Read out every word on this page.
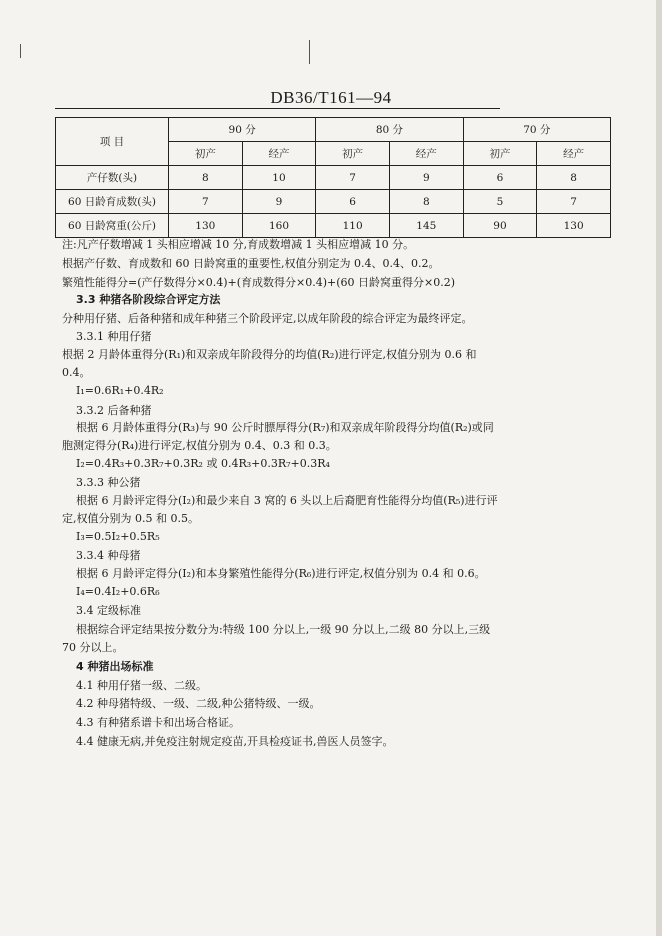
DB36/T161—94
项 目	90 分		80 分		70 分	
	初产	经产	初产	经产	初产	经产
产仔数(头)	8	10	7	9	6	8
60 日龄育成数(头)	7	9	6	8	5	7
60 日龄窝重(公斤)	130	160	110	145	90	130
注:凡产仔数增减 1 头相应增减 10 分,育成数增减 1 头相应增减 10 分。
根据产仔数、育成数和 60 日龄窝重的重要性,权值分别定为 0.4、0.4、0.2。
繁殖性能得分=(产仔数得分×0.4)+(育成数得分×0.4)+(60 日龄窝重得分×0.2)
3.3 种猪各阶段综合评定方法
分种用仔猪、后备种猪和成年种猪三个阶段评定,以成年阶段的综合评定为最终评定。
3.3.1 种用仔猪
根据 2 月龄体重得分(R₁)和双亲成年阶段得分的均值(R₂)进行评定,权值分别为 0.6 和
0.4。
I₁=0.6R₁+0.4R₂
3.3.2 后备种猪
根据 6 月龄体重得分(R₃)与 90 公斤时膘厚得分(R₇)和双亲成年阶段得分均值(R₂)或同
胞测定得分(R₄)进行评定,权值分别为 0.4、0.3 和 0.3。
I₂=0.4R₃+0.3R₇+0.3R₂ 或 0.4R₃+0.3R₇+0.3R₄
3.3.3 种公猪
根据 6 月龄评定得分(I₂)和最少来自 3 窝的 6 头以上后裔肥育性能得分均值(R₅)进行评
定,权值分别为 0.5 和 0.5。
I₃=0.5I₂+0.5R₅
3.3.4 种母猪
根据 6 月龄评定得分(I₂)和本身繁殖性能得分(R₆)进行评定,权值分别为 0.4 和 0.6。
I₄=0.4I₂+0.6R₆
3.4 定级标准
根据综合评定结果按分数分为:特级 100 分以上,一级 90 分以上,二级 80 分以上,三级
70 分以上。
4 种猪出场标准
4.1 种用仔猪一级、二级。
4.2 种母猪特级、一级、二级,种公猪特级、一级。
4.3 有种猪系谱卡和出场合格证。
4.4 健康无病,并免疫注射规定疫苗,开具检疫证书,兽医人员签字。
